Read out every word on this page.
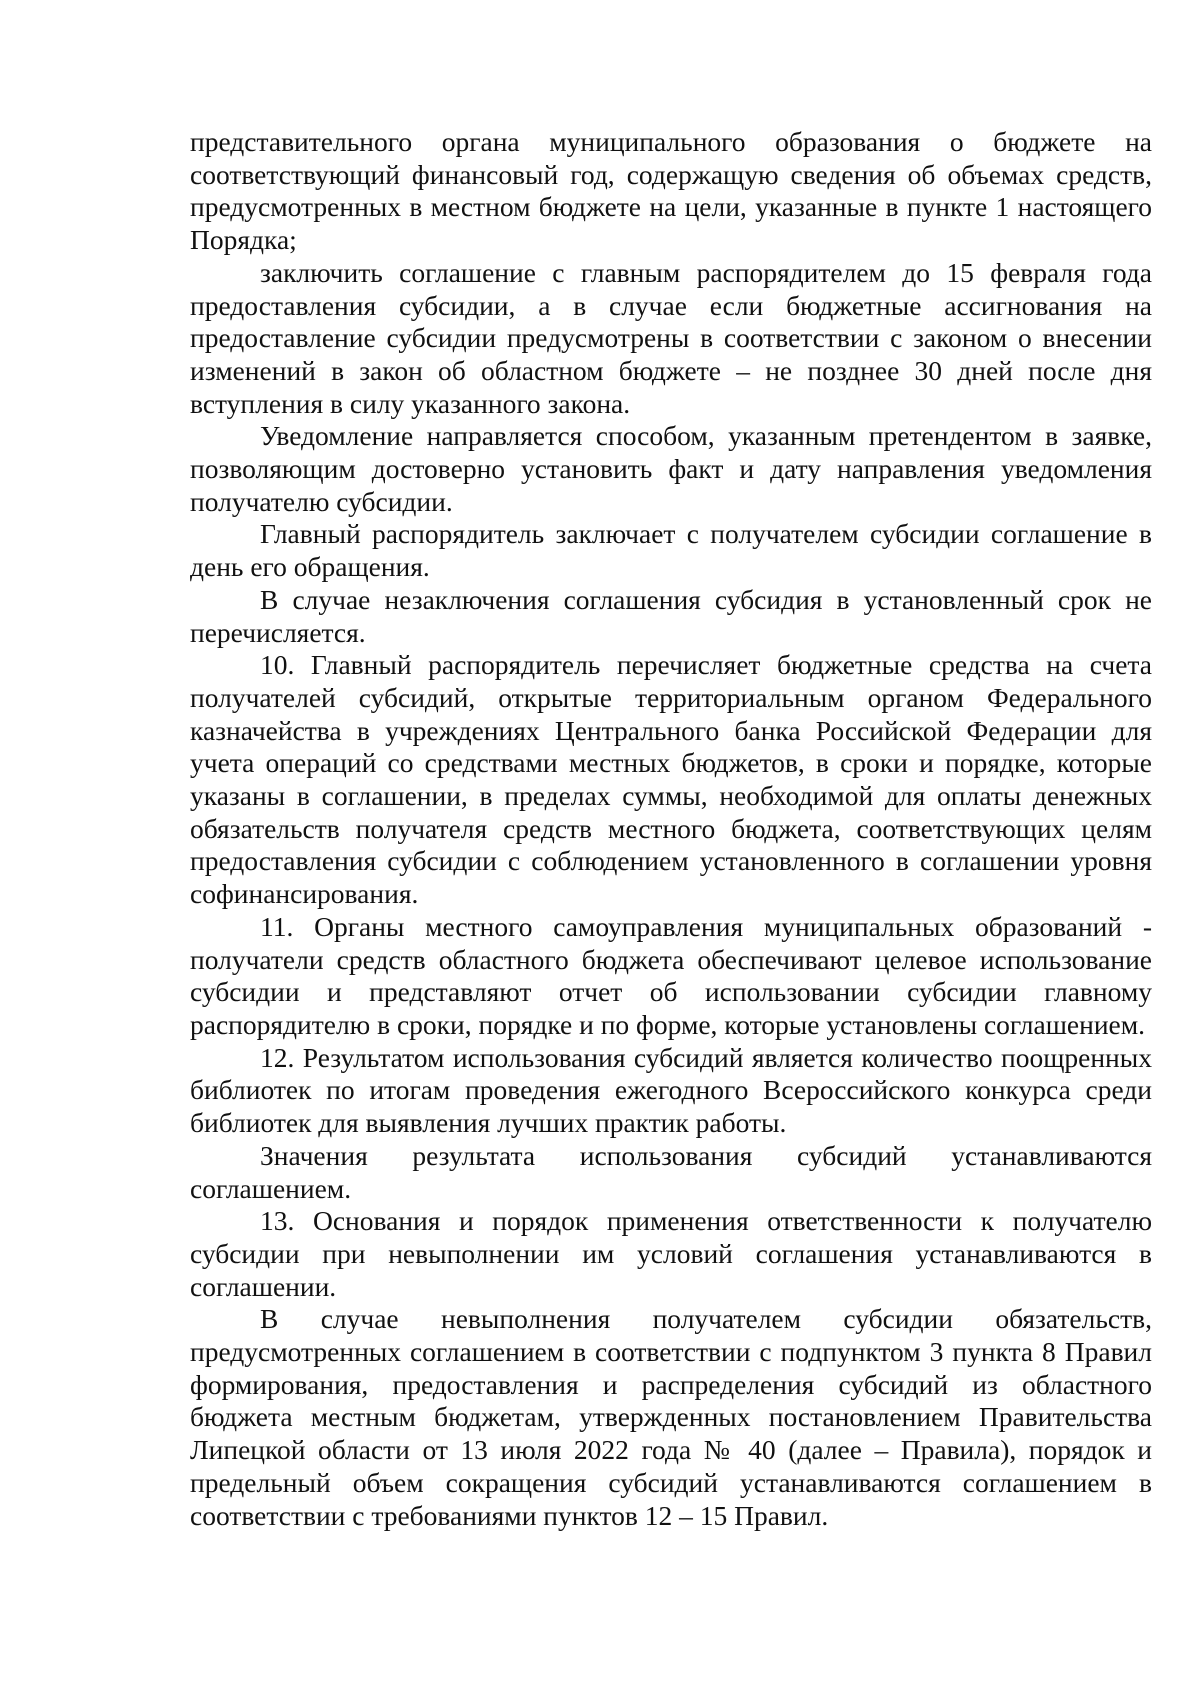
представительного органа муниципального образования о бюджете на соответствующий финансовый год, содержащую сведения об объемах средств, предусмотренных в местном бюджете на цели, указанные в пункте 1 настоящего Порядка;

заключить соглашение с главным распорядителем до 15 февраля года предоставления субсидии, а в случае если бюджетные ассигнования на предоставление субсидии предусмотрены в соответствии с законом о внесении изменений в закон об областном бюджете – не позднее 30 дней после дня вступления в силу указанного закона.

Уведомление направляется способом, указанным претендентом в заявке, позволяющим достоверно установить факт и дату направления уведомления получателю субсидии.

Главный распорядитель заключает с получателем субсидии соглашение в день его обращения.

В случае незаключения соглашения субсидия в установленный срок не перечисляется.

10. Главный распорядитель перечисляет бюджетные средства на счета получателей субсидий, открытые территориальным органом Федерального казначейства в учреждениях Центрального банка Российской Федерации для учета операций со средствами местных бюджетов, в сроки и порядке, которые указаны в соглашении, в пределах суммы, необходимой для оплаты денежных обязательств получателя средств местного бюджета, соответствующих целям предоставления субсидии с соблюдением установленного в соглашении уровня софинансирования.

11. Органы местного самоуправления муниципальных образований - получатели средств областного бюджета обеспечивают целевое использование субсидии и представляют отчет об использовании субсидии главному распорядителю в сроки, порядке и по форме, которые установлены соглашением.

12. Результатом использования субсидий является количество поощренных библиотек по итогам проведения ежегодного Всероссийского конкурса среди библиотек для выявления лучших практик работы.

Значения результата использования субсидий устанавливаются соглашением.

13. Основания и порядок применения ответственности к получателю субсидии при невыполнении им условий соглашения устанавливаются в соглашении.

В случае невыполнения получателем субсидии обязательств, предусмотренных соглашением в соответствии с подпунктом 3 пункта 8 Правил формирования, предоставления и распределения субсидий из областного бюджета местным бюджетам, утвержденных постановлением Правительства Липецкой области от 13 июля 2022 года № 40 (далее – Правила), порядок и предельный объем сокращения субсидий устанавливаются соглашением в соответствии с требованиями пунктов 12 – 15 Правил.
